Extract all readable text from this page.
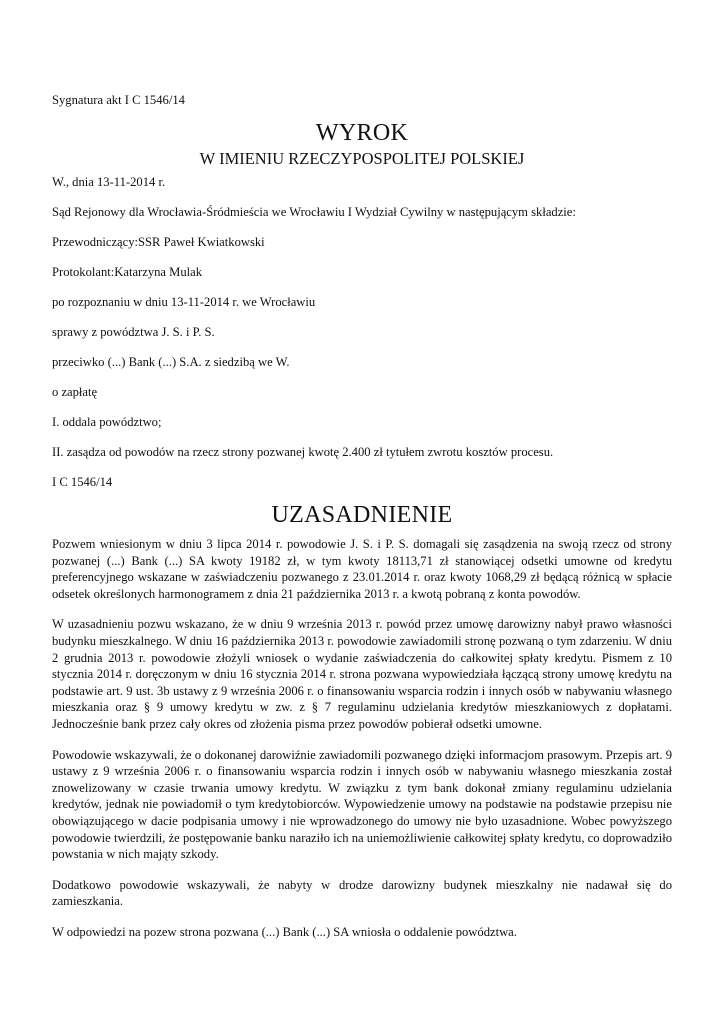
Sygnatura akt I C 1546/14

WYROK

W IMIENIU RZECZYPOSPOLITEJ POLSKIEJ

W., dnia 13-11-2014 r.

Sąd Rejonowy dla Wrocławia-Śródmieścia we Wrocławiu I Wydział Cywilny w następującym składzie:

Przewodniczący:SSR Paweł Kwiatkowski

Protokolant:Katarzyna Mulak

po rozpoznaniu w dniu 13-11-2014 r. we Wrocławiu

sprawy z powództwa J. S. i P. S.

przeciwko (...) Bank (...) S.A. z siedzibą we W.

o zapłatę

I. oddala powództwo;

II. zasądza od powodów na rzecz strony pozwanej kwotę 2.400 zł tytułem zwrotu kosztów procesu.

I C 1546/14

UZASADNIENIE

Pozwem wniesionym w dniu 3 lipca 2014 r. powodowie J. S. i P. S. domagali się zasądzenia na swoją rzecz od strony pozwanej (...) Bank (...) SA kwoty 19182 zł, w tym kwoty 18113,71 zł stanowiącej odsetki umowne od kredytu preferencyjnego wskazane w zaświadczeniu pozwanego z 23.01.2014 r. oraz kwoty 1068,29 zł będącą różnicą w spłacie odsetek określonych harmonogramem z dnia 21 października 2013 r. a kwotą pobraną z konta powodów.

W uzasadnieniu pozwu wskazano, że w dniu 9 września 2013 r. powód przez umowę darowizny nabył prawo własności budynku mieszkalnego. W dniu 16 października 2013 r. powodowie zawiadomili stronę pozwaną o tym zdarzeniu. W dniu 2 grudnia 2013 r. powodowie złożyli wniosek o wydanie zaświadczenia do całkowitej spłaty kredytu. Pismem z 10 stycznia 2014 r. doręczonym w dniu 16 stycznia 2014 r. strona pozwana wypowiedziała łączącą strony umowę kredytu na podstawie art. 9 ust. 3b ustawy z 9 września 2006 r. o finansowaniu wsparcia rodzin i innych osób w nabywaniu własnego mieszkania oraz § 9 umowy kredytu w zw. z § 7 regulaminu udzielania kredytów mieszkaniowych z dopłatami. Jednocześnie bank przez cały okres od złożenia pisma przez powodów pobierał odsetki umowne.

Powodowie wskazywali, że o dokonanej darowiźnie zawiadomili pozwanego dzięki informacjom prasowym. Przepis art. 9 ustawy z 9 września 2006 r. o finansowaniu wsparcia rodzin i innych osób w nabywaniu własnego mieszkania został znowelizowany w czasie trwania umowy kredytu. W związku z tym bank dokonał zmiany regulaminu udzielania kredytów, jednak nie powiadomił o tym kredytobiorców. Wypowiedzenie umowy na podstawie na podstawie przepisu nie obowiązującego w dacie podpisania umowy i nie wprowadzonego do umowy nie było uzasadnione. Wobec powyższego powodowie twierdzili, że postępowanie banku naraziło ich na uniemożliwienie całkowitej spłaty kredytu, co doprowadziło powstania w nich mająty szkody.

Dodatkowo powodowie wskazywali, że nabyty w drodze darowizny budynek mieszkalny nie nadawał się do zamieszkania.

W odpowiedzi na pozew strona pozwana (...) Bank (...) SA wniosła o oddalenie powództwa.
